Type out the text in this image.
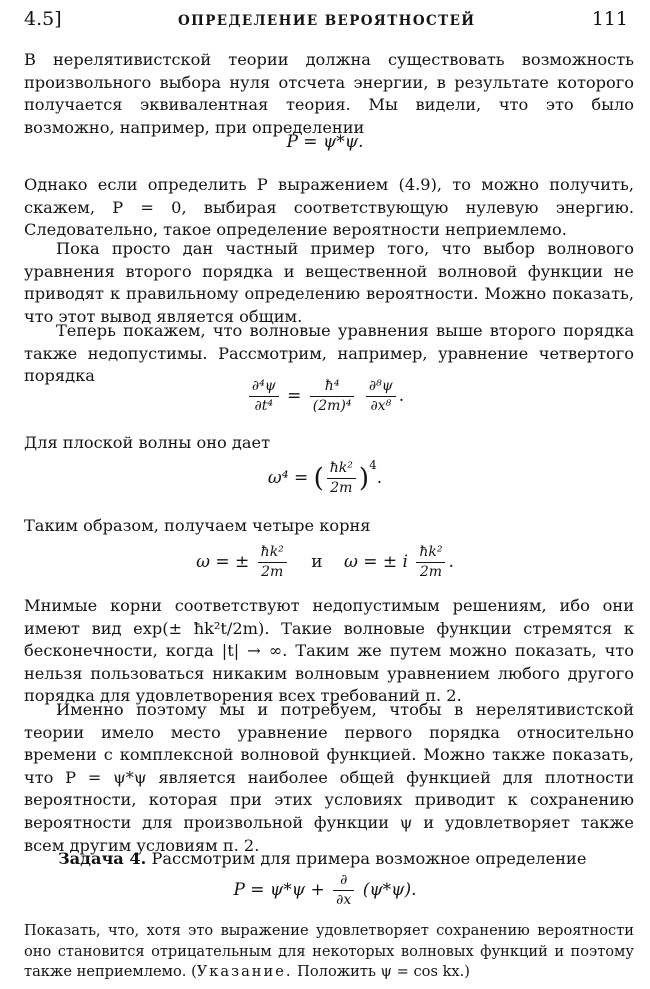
4.5]	ОПРЕДЕЛЕНИЕ ВЕРОЯТНОСТЕЙ	111
В нерелятивистской теории должна существовать возможность произвольного выбора нуля отсчета энергии, в результате которого получается эквивалентная теория. Мы видели, что это было возможно, например, при определении
P = ψ*ψ.
Однако если определить P выражением (4.9), то можно получить, скажем, P = 0, выбирая соответствующую нулевую энергию. Следовательно, такое определение вероятности неприемлемо.
Пока просто дан частный пример того, что выбор волнового уравнения второго порядка и вещественной волновой функции не приводят к правильному определению вероятности. Можно показать, что этот вывод является общим.
Теперь покажем, что волновые уравнения выше второго порядка также недопустимы. Рассмотрим, например, уравнение четвертого порядка
$\frac{\text{∂⁴ψ}}{\text{∂t⁴}} = \frac{\text{ħ⁴}}{\text{(2m)⁴}}$
$\frac{\text{∂⁸ψ}}{\text{∂x⁸}}$ .
Для плоской волны оно дает
ω⁴ = ( $\frac{\text{ħk²}}{2m} )^4$.
Таким образом, получаем четыре корня
ω = ± $\frac{\text{ħk²}}{2m}$ и ω = ± i $\frac{\text{ħk²}}{2m}$ .
Мнимые корни соответствуют недопустимым решениям, ибо они имеют вид exp(± ħk²t/2m). Такие волновые функции стремятся к бесконечности, когда |t| → ∞. Таким же путем можно показать, что нельзя пользоваться никаким волновым уравнением любого другого порядка для удовлетворения всех требований п. 2.
Именно поэтому мы и потребуем, чтобы в нерелятивистской теории имело место уравнение первого порядка относительно времени с комплексной волновой функцией. Можно также показать, что P = ψ*ψ является наиболее общей функцией для плотности вероятности, которая при этих условиях приводит к сохранению вероятности для произвольной функции ψ и удовлетворяет также всем другим условиям п. 2.
Задача 4. Рассмотрим для примера возможное определение
$P = \psi*\psi + \frac{\partial}{\partial x} (\psi*\psi)$.
Показать, что, хотя это выражение удовлетворяет сохранению вероятности оно становится отрицательным для некоторых волновых функций и поэтому также неприемлемо. (Указание. Положить ψ = cos kx.)
